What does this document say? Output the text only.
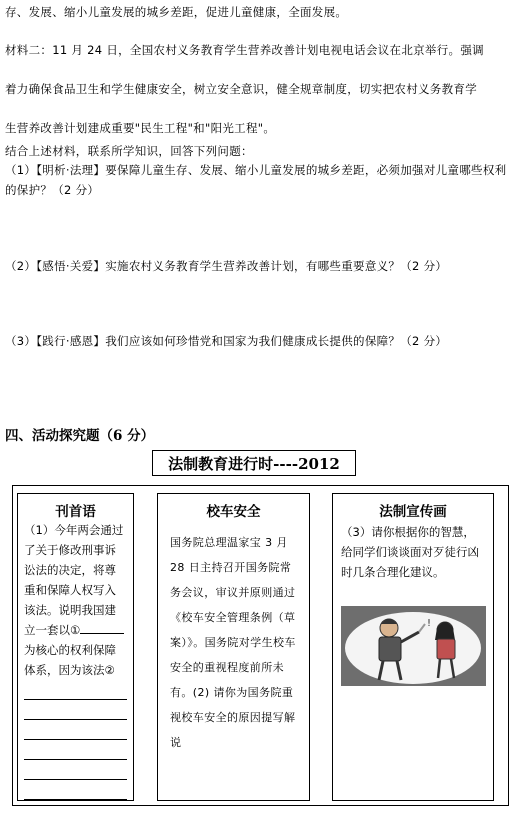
存、发展、缩小儿童发展的城乡差距，促进儿童健康，全面发展。
材料二：11 月 24 日，全国农村义务教育学生营养改善计划电视电话会议在北京举行。强调
着力确保食品卫生和学生健康安全，树立安全意识，健全规章制度，切实把农村义务教育学
生营养改善计划建成重要"民生工程"和"阳光工程"。
结合上述材料，联系所学知识，回答下列问题：
（1）【明析·法理】要保障儿童生存、发展、缩小儿童发展的城乡差距，必须加强对儿童哪些权利的保护？（2 分）
（2）【感悟·关爱】实施农村义务教育学生营养改善计划，有哪些重要意义？（2 分）
（3）【践行·感恩】我们应该如何珍惜党和国家为我们健康成长提供的保障？（2 分）
四、活动探究题（6 分）
法制教育进行时----2012
刊首语
（1）今年两会通过了关于修改刑事诉讼法的决定，将尊重和保障人权写入该法。说明我国建立一套以①为核心的权利保障体系，因为该法②
校车安全
国务院总理温家宝 3 月 28 日主持召开国务院常务会议，审议并原则通过《校车安全管理条例（草案）》。国务院对学生校车安全的重视程度前所未有。(2) 请你为国务院重视校车安全的原因提写解说
法制宣传画
（3）请你根据你的智慧，给同学们谈谈面对歹徒行凶时几条合理化建议。
!
